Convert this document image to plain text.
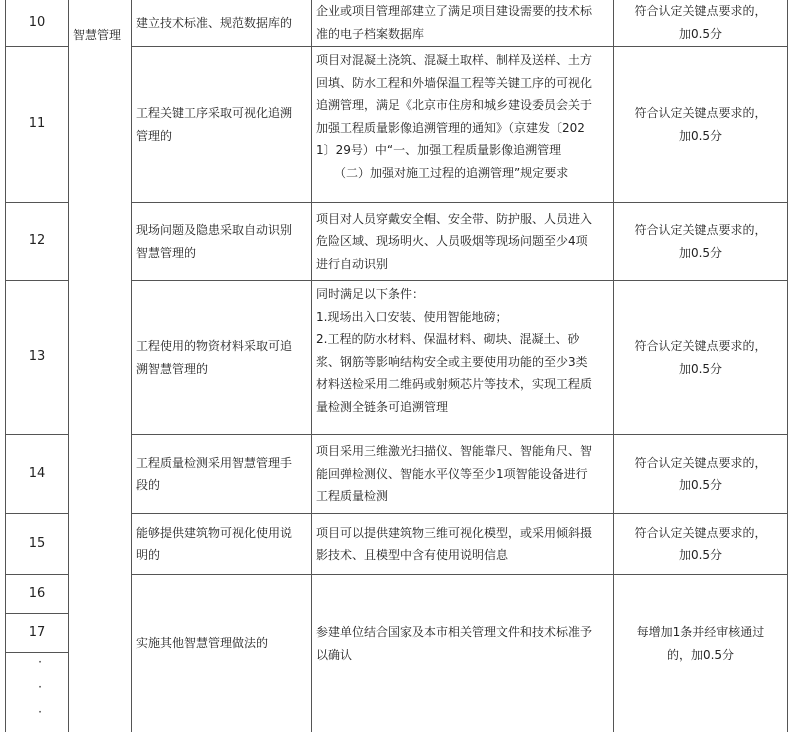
智慧管理
10	建立技术标准、规范数据库的
企业或项目管理部建立了满足项目建设需要的技术标
准的电子档案数据库
符合认定关键点要求的，
加0.5分
11
工程关键工序采取可视化追溯
管理的
项目对混凝土浇筑、混凝土取样、制样及送样、土方
回填、防水工程和外墙保温工程等关键工序的可视化
追溯管理，满足《北京市住房和城乡建设委员会关于
加强工程质量影像追溯管理的通知》（京建发〔202
1〕29号）中“一、加强工程质量影像追溯管理
（二）加强对施工过程的追溯管理”规定要求
符合认定关键点要求的，
加0.5分
12
现场问题及隐患采取自动识别
智慧管理的
项目对人员穿戴安全帽、安全带、防护服、人员进入
危险区域、现场明火、人员吸烟等现场问题至少4项
进行自动识别
符合认定关键点要求的，
加0.5分
13
工程使用的物资材料采取可追
溯智慧管理的
同时满足以下条件：
1.现场出入口安装、使用智能地磅；
2.工程的防水材料、保温材料、砌块、混凝土、砂
浆、钢筋等影响结构安全或主要使用功能的至少3类
材料送检采用二维码或射频芯片等技术，实现工程质
量检测全链条可追溯管理
符合认定关键点要求的，
加0.5分
14
工程质量检测采用智慧管理手
段的
项目采用三维激光扫描仪、智能靠尺、智能角尺、智
能回弹检测仪、智能水平仪等至少1项智能设备进行
工程质量检测
符合认定关键点要求的，
加0.5分
15
能够提供建筑物可视化使用说
明的
项目可以提供建筑物三维可视化模型，或采用倾斜摄
影技术、且模型中含有使用说明信息
符合认定关键点要求的，
加0.5分
16
17
·
·
·
实施其他智慧管理做法的
参建单位结合国家及本市相关管理文件和技术标准予
以确认
每增加1条并经审核通过
的，加0.5分
